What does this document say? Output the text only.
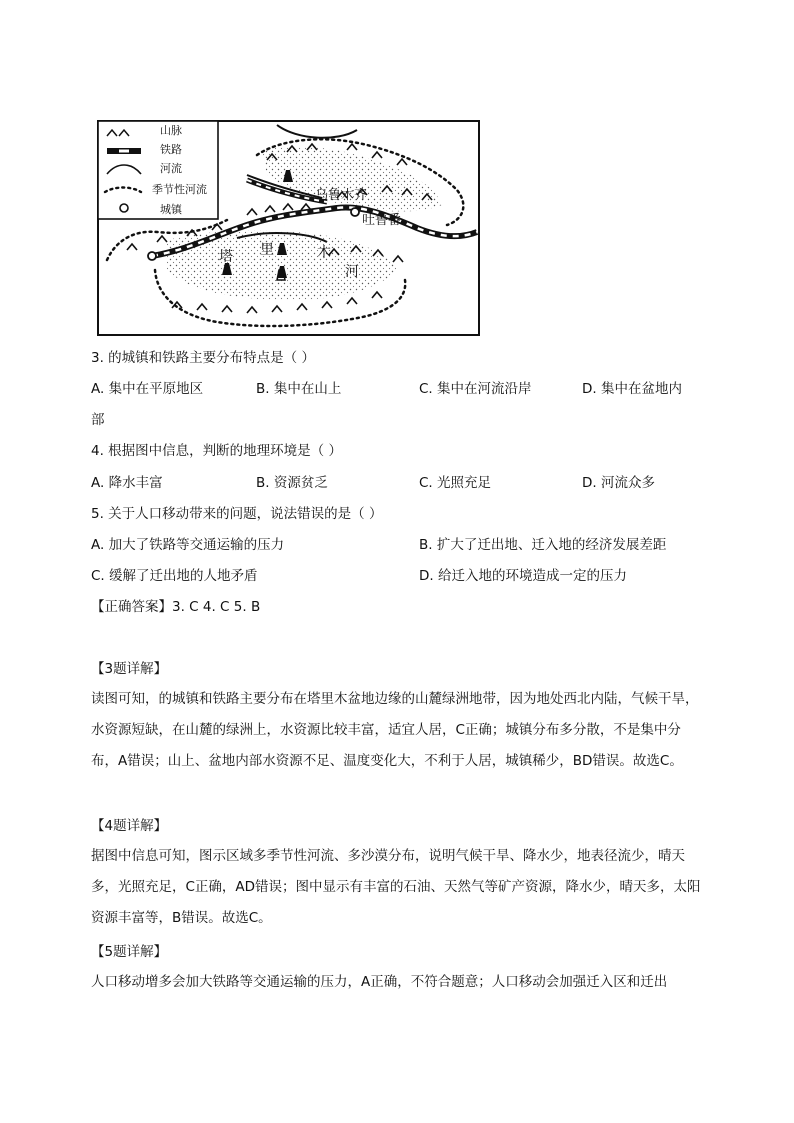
山脉
铁路
河流
季节性河流
城镇
乌鲁木齐
吐鲁番
塔 里	木
河
3. 的城镇和铁路主要分布特点是（ ）
A. 集中在平原地区	B. 集中在山上	C. 集中在河流沿岸	D. 集中在盆地内
部
4. 根据图中信息，判断的地理环境是（ ）
A. 降水丰富	B. 资源贫乏	C. 光照充足	D. 河流众多
5. 关于人口移动带来的问题，说法错误的是（ ）
A. 加大了铁路等交通运输的压力	B. 扩大了迁出地、迁入地的经济发展差距
C. 缓解了迁出地的人地矛盾	D. 给迁入地的环境造成一定的压力
【正确答案】3. C 4. C 5. B
【3题详解】
读图可知，的城镇和铁路主要分布在塔里木盆地边缘的山麓绿洲地带，因为地处西北内陆，气候干旱，水资源短缺，在山麓的绿洲上，水资源比较丰富，适宜人居，C正确；城镇分布多分散，不是集中分布，A错误；山上、盆地内部水资源不足、温度变化大，不利于人居，城镇稀少，BD错误。故选C。
【4题详解】
据图中信息可知，图示区域多季节性河流、多沙漠分布，说明气候干旱、降水少，地表径流少，晴天多，光照充足，C正确，AD错误；图中显示有丰富的石油、天然气等矿产资源，降水少，晴天多，太阳资源丰富等，B错误。故选C。
【5题详解】
人口移动增多会加大铁路等交通运输的压力，A正确，不符合题意；人口移动会加强迁入区和迁出
